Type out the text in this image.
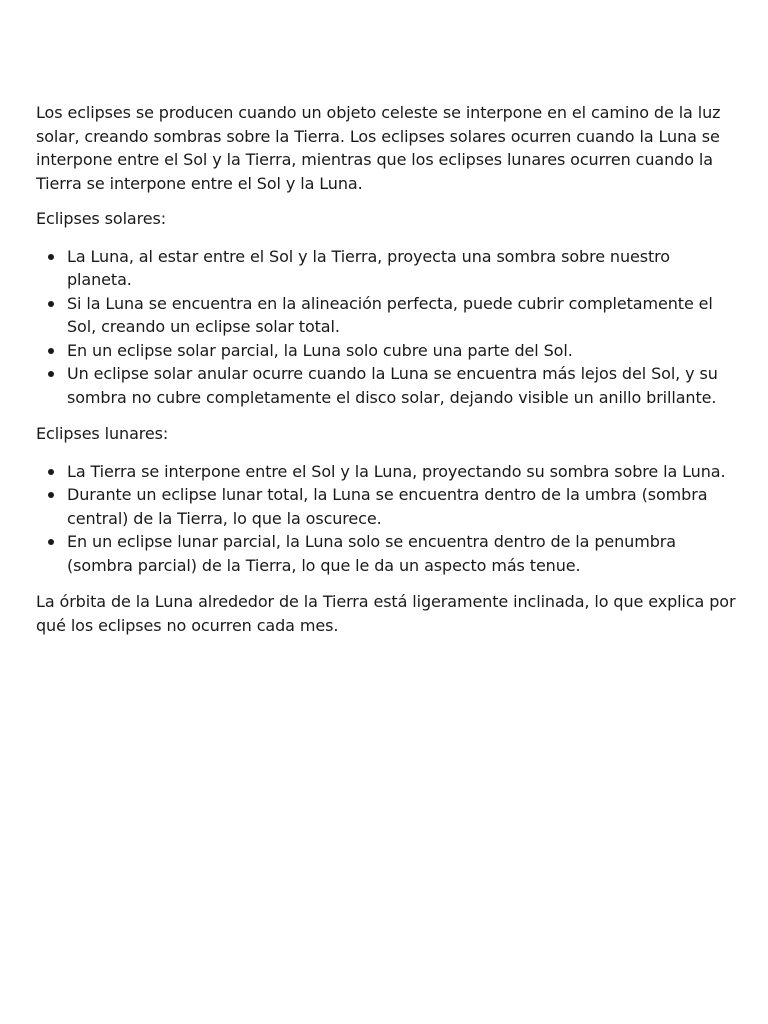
Los eclipses se producen cuando un objeto celeste se interpone en el camino de la luz solar, creando sombras sobre la Tierra. Los eclipses solares ocurren cuando la Luna se interpone entre el Sol y la Tierra, mientras que los eclipses lunares ocurren cuando la Tierra se interpone entre el Sol y la Luna.

Eclipses solares:

La Luna, al estar entre el Sol y la Tierra, proyecta una sombra sobre nuestro planeta.
Si la Luna se encuentra en la alineación perfecta, puede cubrir completamente el Sol, creando un eclipse solar total.
En un eclipse solar parcial, la Luna solo cubre una parte del Sol.
Un eclipse solar anular ocurre cuando la Luna se encuentra más lejos del Sol, y su sombra no cubre completamente el disco solar, dejando visible un anillo brillante.

Eclipses lunares:

La Tierra se interpone entre el Sol y la Luna, proyectando su sombra sobre la Luna.
Durante un eclipse lunar total, la Luna se encuentra dentro de la umbra (sombra central) de la Tierra, lo que la oscurece.
En un eclipse lunar parcial, la Luna solo se encuentra dentro de la penumbra (sombra parcial) de la Tierra, lo que le da un aspecto más tenue.

La órbita de la Luna alrededor de la Tierra está ligeramente inclinada, lo que explica por qué los eclipses no ocurren cada mes.
